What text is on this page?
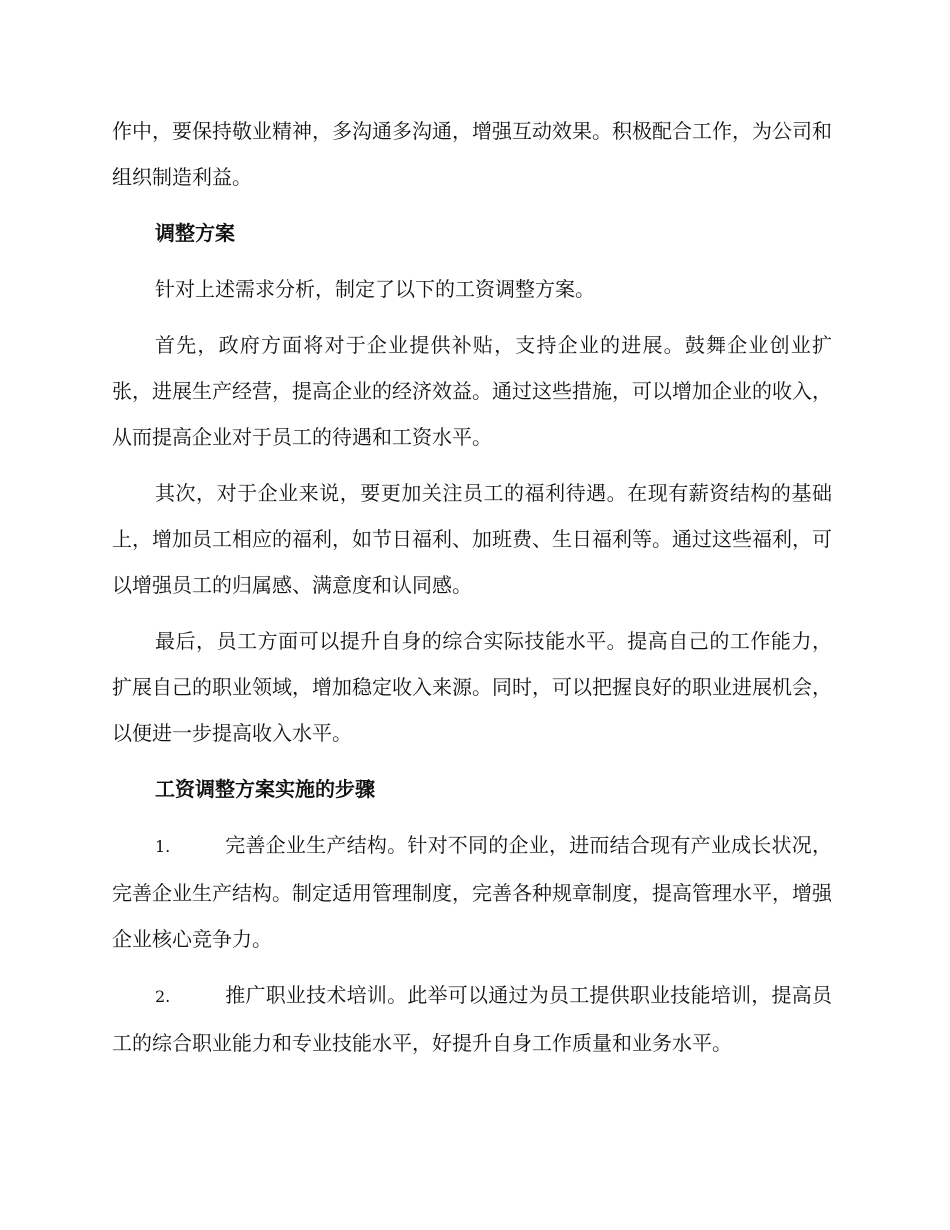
作中，要保持敬业精神，多沟通多沟通，增强互动效果。积极配合工作，为公司和组织制造利益。

调整方案

针对上述需求分析，制定了以下的工资调整方案。

首先，政府方面将对于企业提供补贴，支持企业的进展。鼓舞企业创业扩张，进展生产经营，提高企业的经济效益。通过这些措施，可以增加企业的收入，从而提高企业对于员工的待遇和工资水平。

其次，对于企业来说，要更加关注员工的福利待遇。在现有薪资结构的基础上，增加员工相应的福利，如节日福利、加班费、生日福利等。通过这些福利，可以增强员工的归属感、满意度和认同感。

最后，员工方面可以提升自身的综合实际技能水平。提高自己的工作能力，扩展自己的职业领域，增加稳定收入来源。同时，可以把握良好的职业进展机会，以便进一步提高收入水平。

工资调整方案实施的步骤

1.	完善企业生产结构。针对不同的企业，进而结合现有产业成长状况，完善企业生产结构。制定适用管理制度，完善各种规章制度，提高管理水平，增强企业核心竞争力。

2.	推广职业技术培训。此举可以通过为员工提供职业技能培训，提高员工的综合职业能力和专业技能水平，好提升自身工作质量和业务水平。
